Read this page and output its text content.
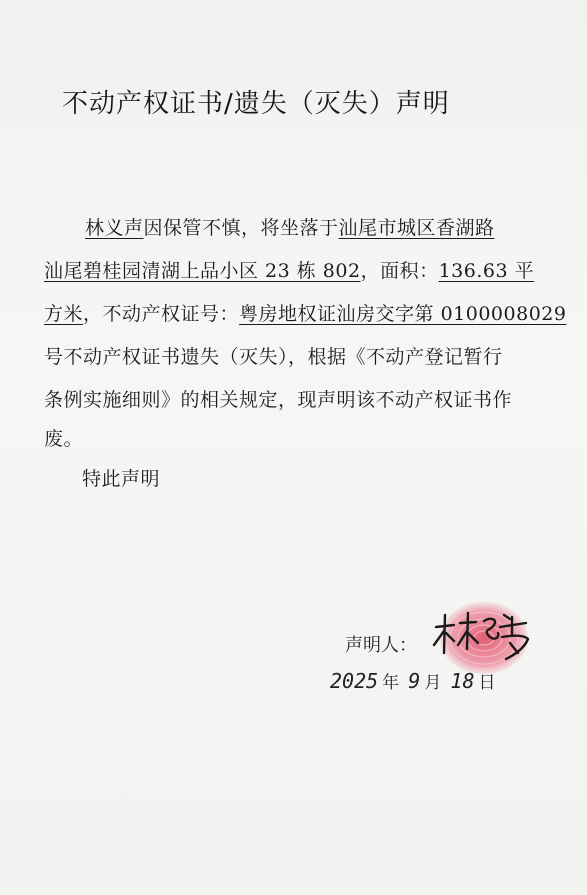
不动产权证书/遗失（灭失）声明
林义声因保管不慎，将坐落于汕尾市城区香湖路
汕尾碧桂园清湖上品小区 23 栋 802，面积：136.63 平
方米，不动产权证号：粤房地权证汕房交字第 0100008029
号不动产权证书遗失（灭失），根据《不动产登记暂行
条例实施细则》的相关规定，现声明该不动产权证书作
废。
特此声明
声明人：
2025 年 9 月 18 日
